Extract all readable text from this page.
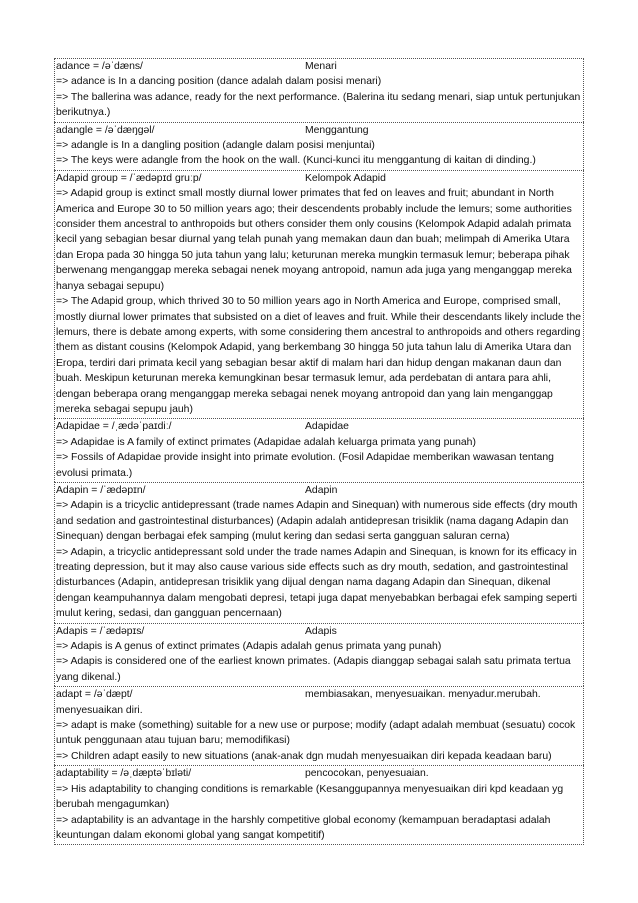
adance = /əˈdæns/	Menari

=> adance is In a dancing position (dance adalah dalam posisi menari)

=> The ballerina was adance, ready for the next performance. (Balerina itu sedang menari, siap untuk pertunjukan berikutnya.)

adangle = /əˈdæŋgəl/	Menggantung

=> adangle is In a dangling position (adangle dalam posisi menjuntai)

=> The keys were adangle from the hook on the wall. (Kunci-kunci itu menggantung di kaitan di dinding.)

Adapid group = /ˈædəpɪd gruːp/	Kelompok Adapid

=> Adapid group is extinct small mostly diurnal lower primates that fed on leaves and fruit; abundant in North America and Europe 30 to 50 million years ago; their descendents probably include the lemurs; some authorities consider them ancestral to anthropoids but others consider them only cousins (Kelompok Adapid adalah primata kecil yang sebagian besar diurnal yang telah punah yang memakan daun dan buah; melimpah di Amerika Utara dan Eropa pada 30 hingga 50 juta tahun yang lalu; keturunan mereka mungkin termasuk lemur; beberapa pihak berwenang menganggap mereka sebagai nenek moyang antropoid, namun ada juga yang menganggap mereka hanya sebagai sepupu)

=> The Adapid group, which thrived 30 to 50 million years ago in North America and Europe, comprised small, mostly diurnal lower primates that subsisted on a diet of leaves and fruit. While their descendants likely include the lemurs, there is debate among experts, with some considering them ancestral to anthropoids and others regarding them as distant cousins (Kelompok Adapid, yang berkembang 30 hingga 50 juta tahun lalu di Amerika Utara dan Eropa, terdiri dari primata kecil yang sebagian besar aktif di malam hari dan hidup dengan makanan daun dan buah. Meskipun keturunan mereka kemungkinan besar termasuk lemur, ada perdebatan di antara para ahli, dengan beberapa orang menganggap mereka sebagai nenek moyang antropoid dan yang lain menganggap mereka sebagai sepupu jauh)

Adapidae = /ˌædəˈpaɪdiː/	Adapidae

=> Adapidae is A family of extinct primates (Adapidae adalah keluarga primata yang punah)

=> Fossils of Adapidae provide insight into primate evolution. (Fosil Adapidae memberikan wawasan tentang evolusi primata.)

Adapin = /ˈædəpɪn/	Adapin

=> Adapin is a tricyclic antidepressant (trade names Adapin and Sinequan) with numerous side effects (dry mouth and sedation and gastrointestinal disturbances) (Adapin adalah antidepresan trisiklik (nama dagang Adapin dan Sinequan) dengan berbagai efek samping (mulut kering dan sedasi serta gangguan saluran cerna)

=> Adapin, a tricyclic antidepressant sold under the trade names Adapin and Sinequan, is known for its efficacy in treating depression, but it may also cause various side effects such as dry mouth, sedation, and gastrointestinal disturbances (Adapin, antidepresan trisiklik yang dijual dengan nama dagang Adapin dan Sinequan, dikenal dengan keampuhannya dalam mengobati depresi, tetapi juga dapat menyebabkan berbagai efek samping seperti mulut kering, sedasi, dan gangguan pencernaan)

Adapis = /ˈædəpɪs/	Adapis

=> Adapis is A genus of extinct primates (Adapis adalah genus primata yang punah)

=> Adapis is considered one of the earliest known primates. (Adapis dianggap sebagai salah satu primata tertua yang dikenal.)

adapt = /əˈdæpt/	membiasakan, menyesuaikan. menyadur.merubah.

menyesuaikan diri.

=> adapt is make (something) suitable for a new use or purpose; modify (adapt adalah membuat (sesuatu) cocok untuk penggunaan atau tujuan baru; memodifikasi)

=> Children adapt easily to new situations (anak-anak dgn mudah menyesuaikan diri kepada keadaan baru)

adaptability = /əˌdæptəˈbɪləti/	pencocokan, penyesuaian.

=> His adaptability to changing conditions is remarkable (Kesanggupannya menyesuaikan diri kpd keadaan yg berubah mengagumkan)

=> adaptability is an advantage in the harshly competitive global economy (kemampuan beradaptasi adalah keuntungan dalam ekonomi global yang sangat kompetitif)
